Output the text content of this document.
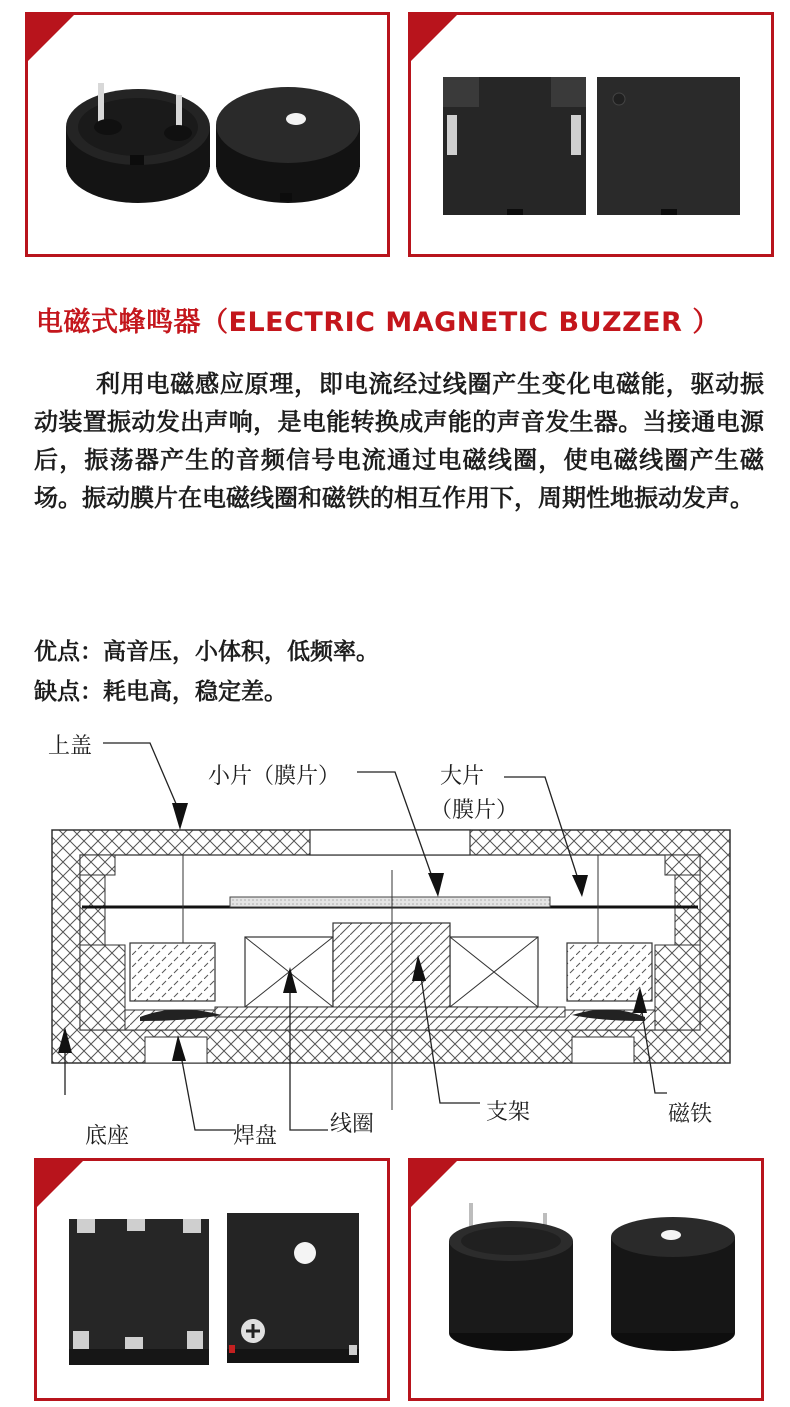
电磁式蜂鸣器（ELECTRIC MAGNETIC BUZZER ）

利用电磁感应原理，即电流经过线圈产生变化电磁能，驱动振动装置振动发出声响，是电能转换成声能的声音发生器。当接通电源后，振荡器产生的音频信号电流通过电磁线圈，使电磁线圈产生磁场。振动膜片在电磁线圈和磁铁的相互作用下，周期性地振动发声。

优点：高音压，小体积，低频率。
缺点：耗电高，稳定差。
上盖
小片（膜片）	大片
（膜片）
底座	焊盘 线圈	支架	磁铁
